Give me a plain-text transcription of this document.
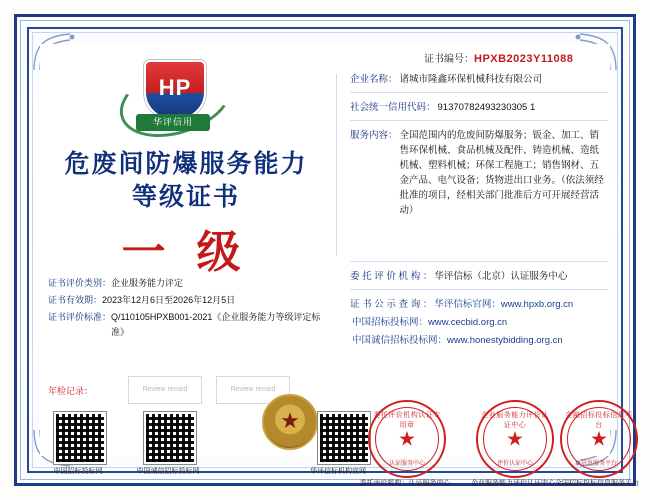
HP
华评信用
危废间防爆服务能力
等级证书
一 级
证书评价类别： 企业服务能力评定
证书有效期： 2023年12月6日至2026年12月5日
证书评价标准： Q/110105HPXB001-2021《企业服务能力等级评定标准》
证书编号：HPXB2023Y11088
企业名称： 诸城市隆鑫环保机械科技有限公司
社会统一信用代码： 91370782493230305 1
服务内容： 全国范围内的危废间防爆服务；钣金、加工、销售环保机械、食品机械及配件、铸造机械、造纸机械、塑料机械；环保工程施工；销售钢材、五金产品、电气设备；货物进出口业务。（依法须经批准的项目，经相关部门批准后方可开展经营活动）
委 托 评 价 机 构 ： 华评信标（北京）认证服务中心
证 书 公 示 查 询 ： 华评信标官网：www.hpxb.org.cn
中国招标投标网：www.cecbid.org.cn
中国诚信招标投标网：www.honestybidding.org.cn
年检记录：	Review record	Review record
中国招标投标网	中国诚信招标投标网
★
华评信标机构官网
委托评价机构认证专用章
★
认证服务中心
委托评价机构：认证服务中心
企业服务能力评价认证中心
★
评价认证中心
企业服务能力评价认证中心
金融招标投标信息平台
★
信息服务平台
全国招标投标信息服务平台
